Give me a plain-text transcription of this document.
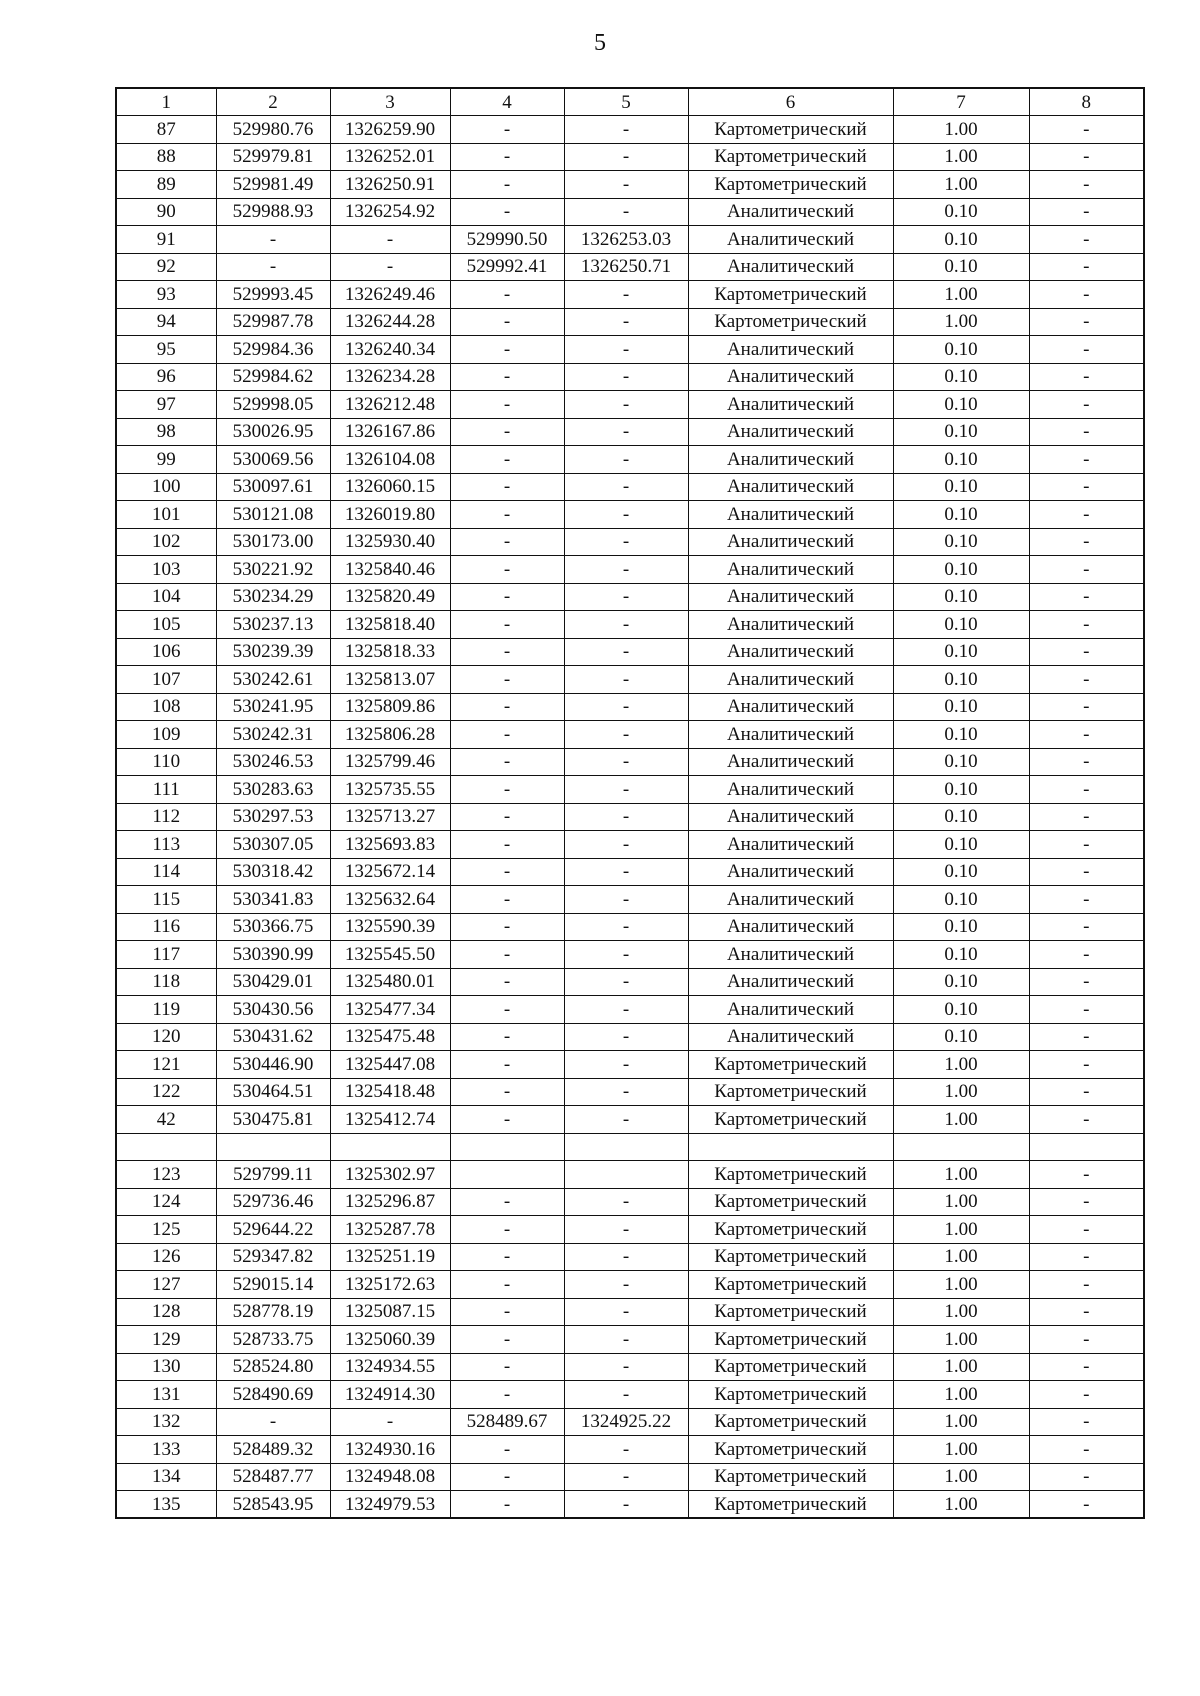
5
1	2	3	4	5	6	7	8
87	529980.76	1326259.90	-	-	Картометрический	1.00	-
88	529979.81	1326252.01	-	-	Картометрический	1.00	-
89	529981.49	1326250.91	-	-	Картометрический	1.00	-
90	529988.93	1326254.92	-	-	Аналитический	0.10	-
91	-	-	529990.50	1326253.03	Аналитический	0.10	-
92	-	-	529992.41	1326250.71	Аналитический	0.10	-
93	529993.45	1326249.46	-	-	Картометрический	1.00	-
94	529987.78	1326244.28	-	-	Картометрический	1.00	-
95	529984.36	1326240.34	-	-	Аналитический	0.10	-
96	529984.62	1326234.28	-	-	Аналитический	0.10	-
97	529998.05	1326212.48	-	-	Аналитический	0.10	-
98	530026.95	1326167.86	-	-	Аналитический	0.10	-
99	530069.56	1326104.08	-	-	Аналитический	0.10	-
100	530097.61	1326060.15	-	-	Аналитический	0.10	-
101	530121.08	1326019.80	-	-	Аналитический	0.10	-
102	530173.00	1325930.40	-	-	Аналитический	0.10	-
103	530221.92	1325840.46	-	-	Аналитический	0.10	-
104	530234.29	1325820.49	-	-	Аналитический	0.10	-
105	530237.13	1325818.40	-	-	Аналитический	0.10	-
106	530239.39	1325818.33	-	-	Аналитический	0.10	-
107	530242.61	1325813.07	-	-	Аналитический	0.10	-
108	530241.95	1325809.86	-	-	Аналитический	0.10	-
109	530242.31	1325806.28	-	-	Аналитический	0.10	-
110	530246.53	1325799.46	-	-	Аналитический	0.10	-
111	530283.63	1325735.55	-	-	Аналитический	0.10	-
112	530297.53	1325713.27	-	-	Аналитический	0.10	-
113	530307.05	1325693.83	-	-	Аналитический	0.10	-
114	530318.42	1325672.14	-	-	Аналитический	0.10	-
115	530341.83	1325632.64	-	-	Аналитический	0.10	-
116	530366.75	1325590.39	-	-	Аналитический	0.10	-
117	530390.99	1325545.50	-	-	Аналитический	0.10	-
118	530429.01	1325480.01	-	-	Аналитический	0.10	-
119	530430.56	1325477.34	-	-	Аналитический	0.10	-
120	530431.62	1325475.48	-	-	Аналитический	0.10	-
121	530446.90	1325447.08	-	-	Картометрический	1.00	-
122	530464.51	1325418.48	-	-	Картометрический	1.00	-
42	530475.81	1325412.74	-	-	Картометрический	1.00	-

123	529799.11	1325302.97			Картометрический	1.00	-
124	529736.46	1325296.87	-	-	Картометрический	1.00	-
125	529644.22	1325287.78	-	-	Картометрический	1.00	-
126	529347.82	1325251.19	-	-	Картометрический	1.00	-
127	529015.14	1325172.63	-	-	Картометрический	1.00	-
128	528778.19	1325087.15	-	-	Картометрический	1.00	-
129	528733.75	1325060.39	-	-	Картометрический	1.00	-
130	528524.80	1324934.55	-	-	Картометрический	1.00	-
131	528490.69	1324914.30	-	-	Картометрический	1.00	-
132	-	-	528489.67	1324925.22	Картометрический	1.00	-
133	528489.32	1324930.16	-	-	Картометрический	1.00	-
134	528487.77	1324948.08	-	-	Картометрический	1.00	-
135	528543.95	1324979.53	-	-	Картометрический	1.00	-
